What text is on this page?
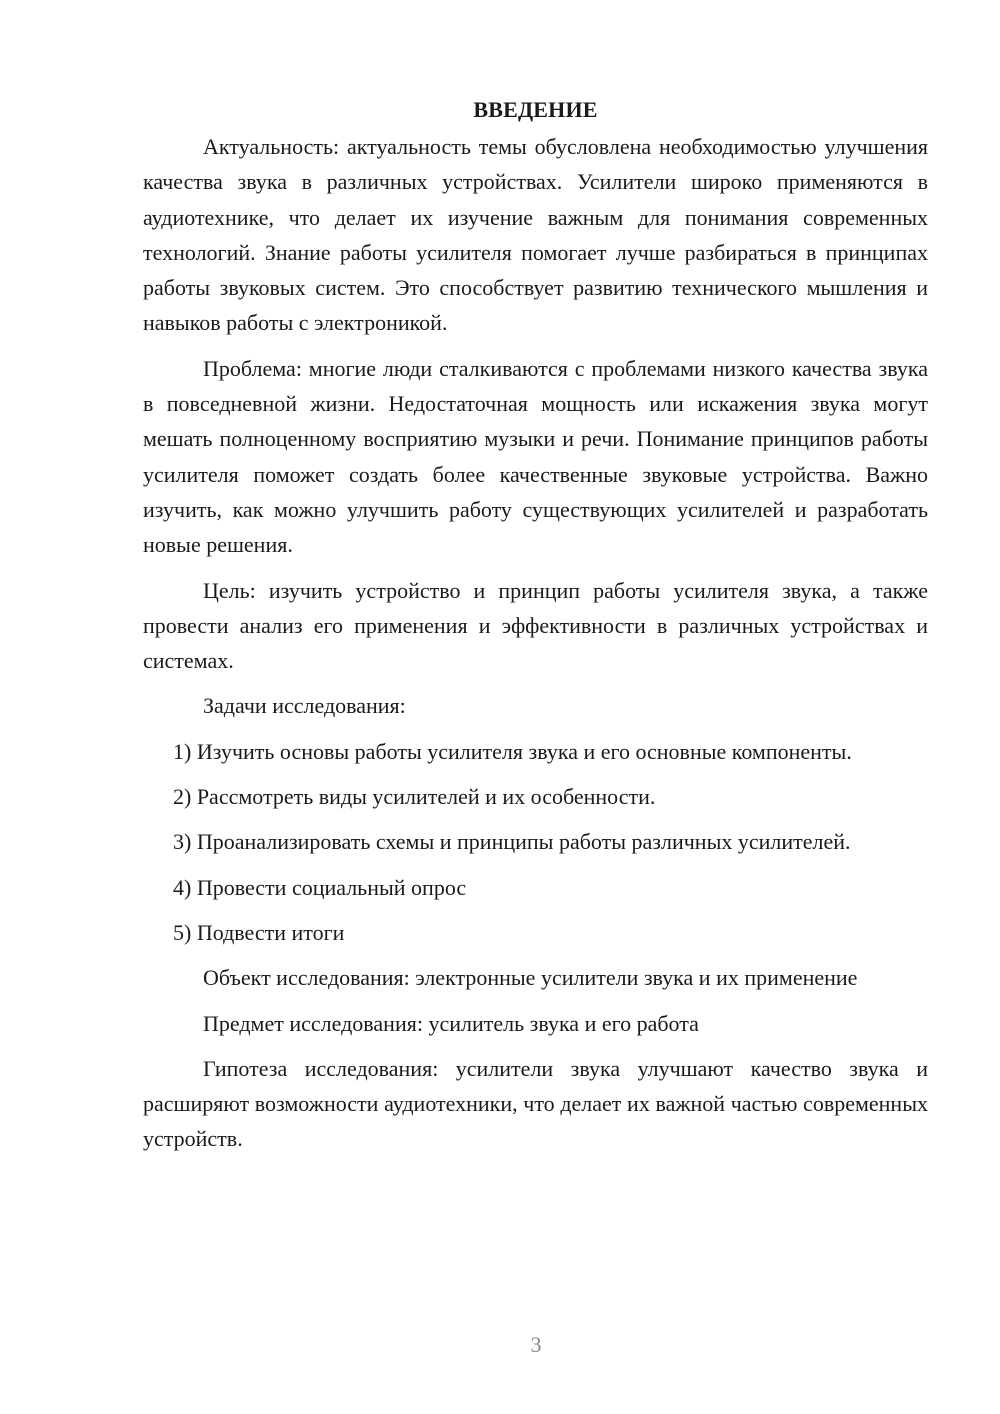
ВВЕДЕНИЕ

Актуальность: актуальность темы обусловлена необходимостью улучшения качества звука в различных устройствах. Усилители широко применяются в аудиотехнике, что делает их изучение важным для понимания современных технологий. Знание работы усилителя помогает лучше разбираться в принципах работы звуковых систем. Это способствует развитию технического мышления и навыков работы с электроникой.

Проблема: многие люди сталкиваются с проблемами низкого качества звука в повседневной жизни. Недостаточная мощность или искажения звука могут мешать полноценному восприятию музыки и речи. Понимание принципов работы усилителя поможет создать более качественные звуковые устройства. Важно изучить, как можно улучшить работу существующих усилителей и разработать новые решения.

Цель: изучить устройство и принцип работы усилителя звука, а также провести анализ его применения и эффективности в различных устройствах и системах.

Задачи исследования:

1) Изучить основы работы усилителя звука и его основные компоненты.

2) Рассмотреть виды усилителей и их особенности.

3) Проанализировать схемы и принципы работы различных усилителей.

4) Провести социальный опрос

5) Подвести итоги

Объект исследования: электронные усилители звука и их применение

Предмет исследования: усилитель звука и его работа

Гипотеза исследования: усилители звука улучшают качество звука и расширяют возможности аудиотехники, что делает их важной частью современных устройств.

3
